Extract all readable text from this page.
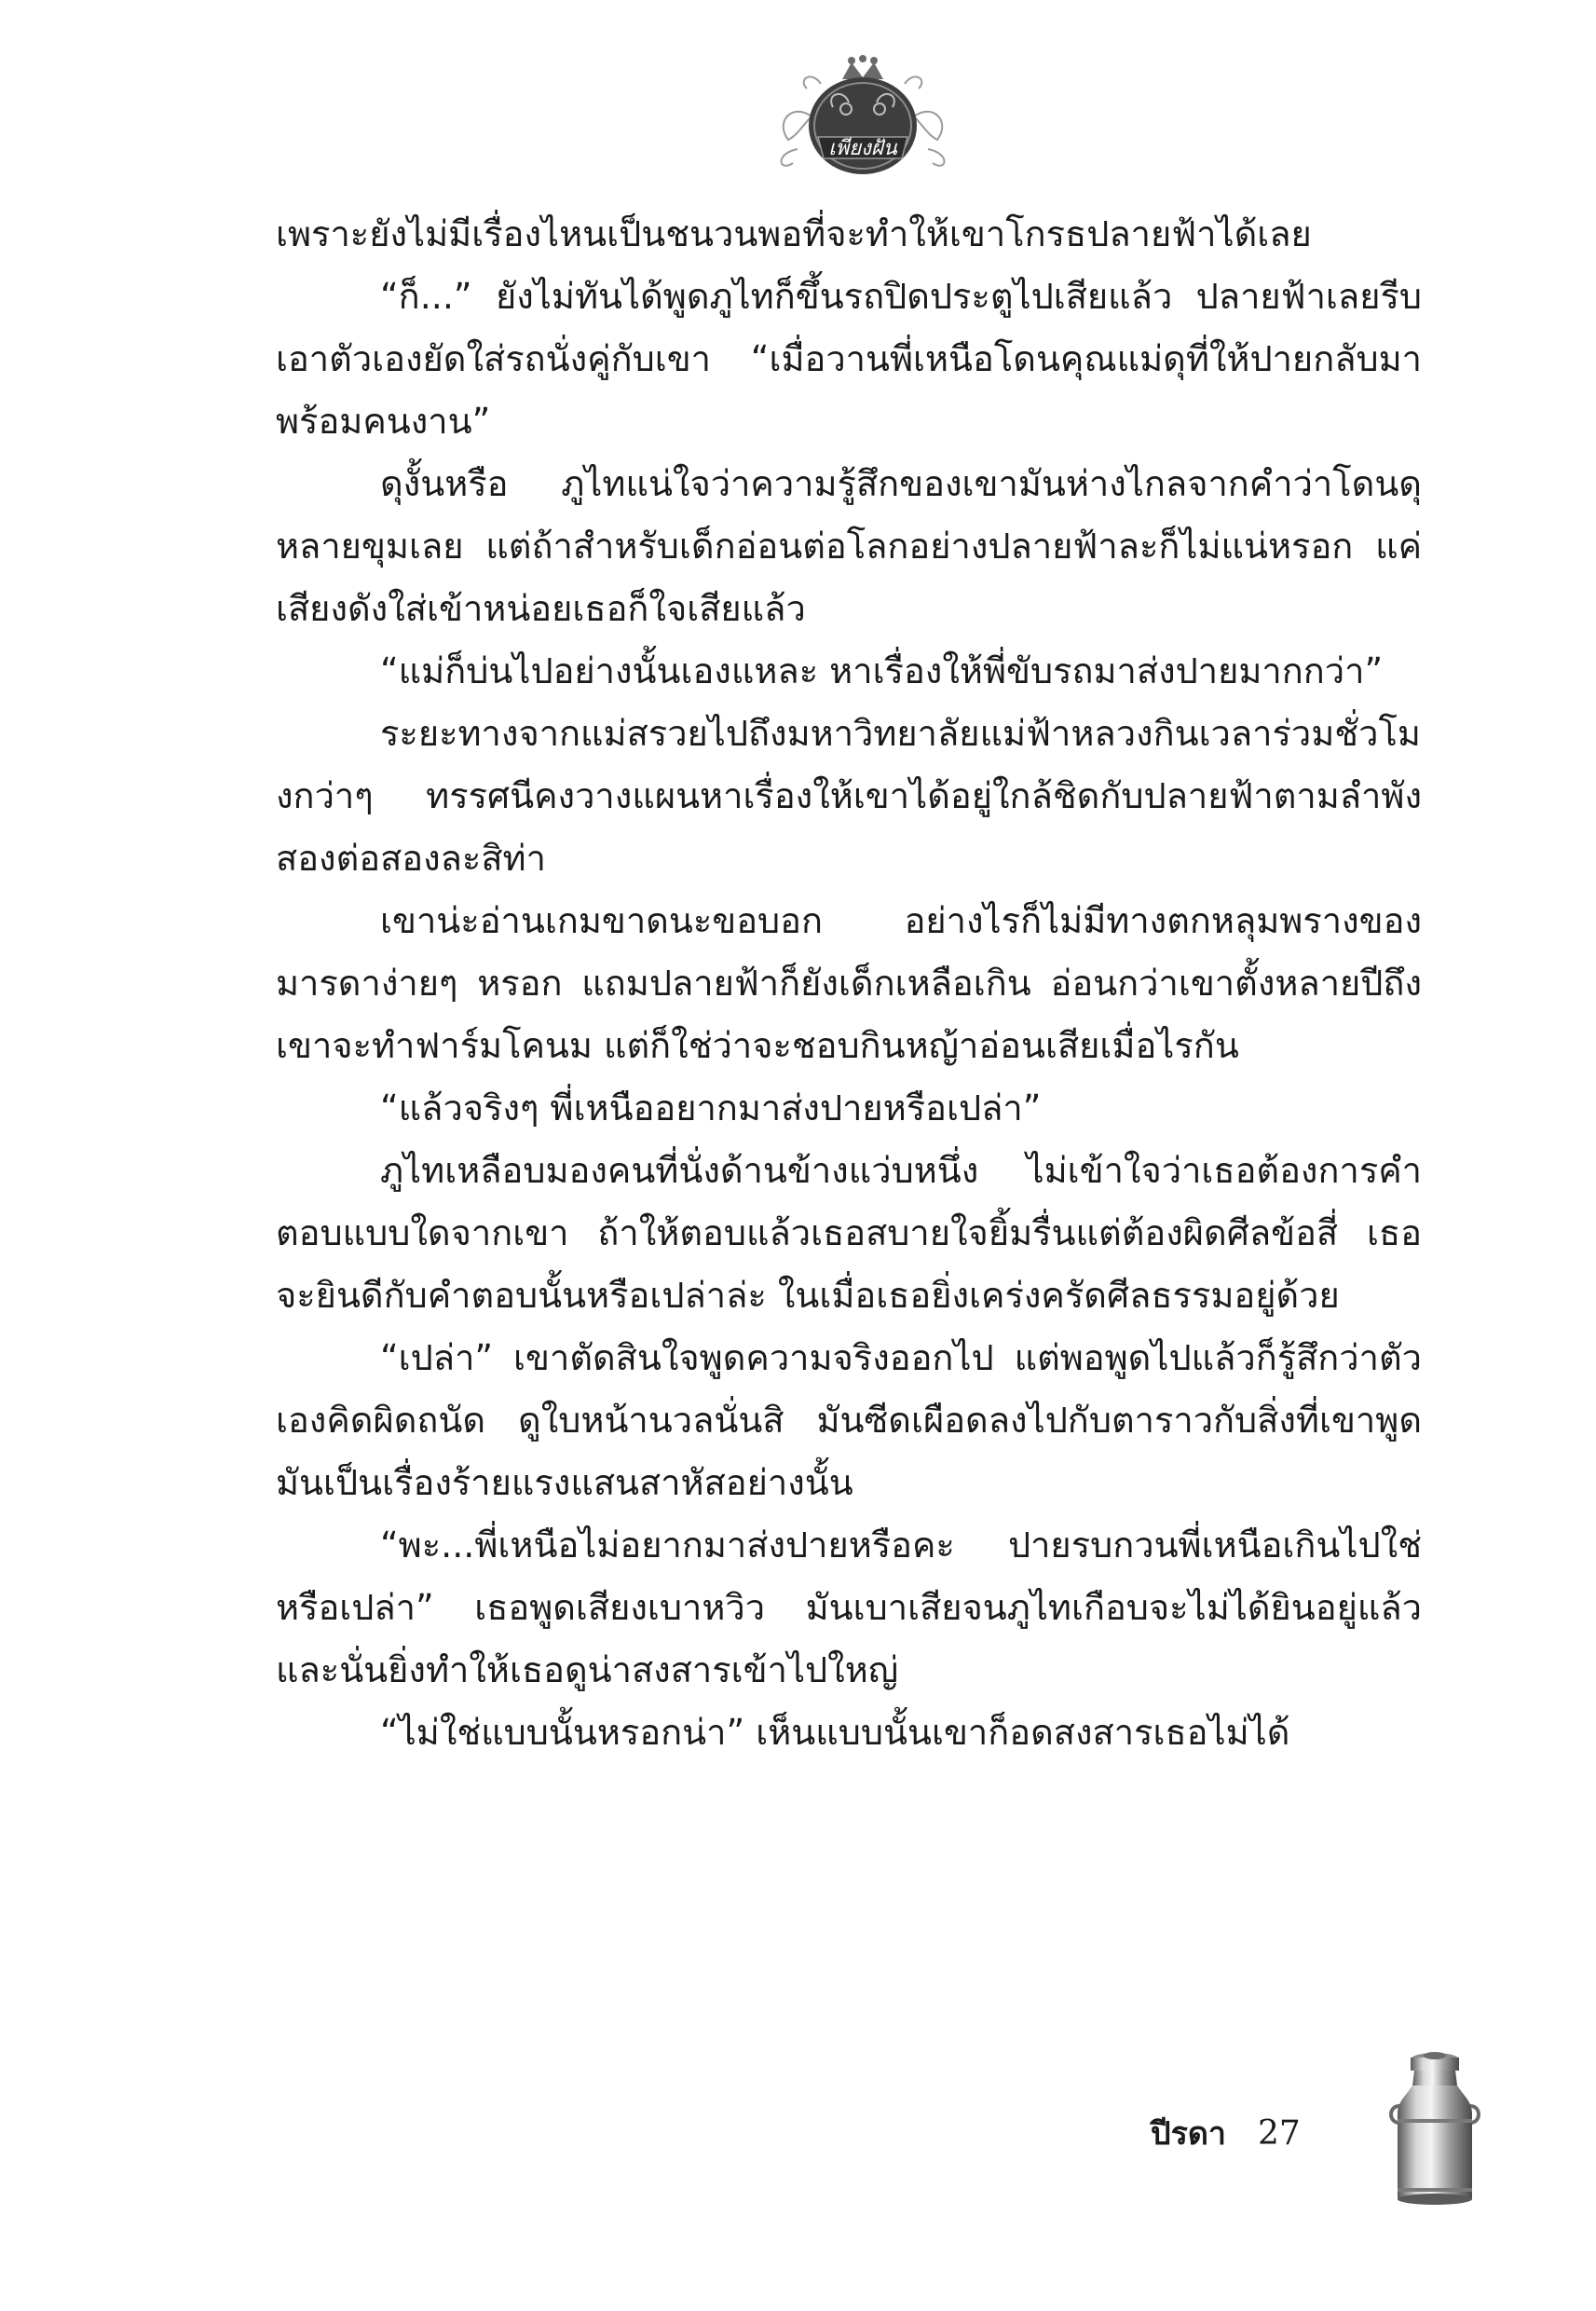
เพียงฝัน

เพราะยังไม่มีเรื่องไหนเป็นชนวนพอที่จะทำให้เขาโกรธปลายฟ้าได้เลย

“ก็...” ยังไม่ทันได้พูดภูไทก็ขึ้นรถปิดประตูไปเสียแล้ว ปลายฟ้าเลยรีบเอาตัวเองยัดใส่รถนั่งคู่กับเขา “เมื่อวานพี่เหนือโดนคุณแม่ดุที่ให้ปายกลับมาพร้อมคนงาน”

ดุงั้นหรือ ภูไทแน่ใจว่าความรู้สึกของเขามันห่างไกลจากคำว่าโดนดุหลายขุมเลย แต่ถ้าสำหรับเด็กอ่อนต่อโลกอย่างปลายฟ้าละก็ไม่แน่หรอก แค่เสียงดังใส่เข้าหน่อยเธอก็ใจเสียแล้ว

“แม่ก็บ่นไปอย่างนั้นเองแหละ หาเรื่องให้พี่ขับรถมาส่งปายมากกว่า”

ระยะทางจากแม่สรวยไปถึงมหาวิทยาลัยแม่ฟ้าหลวงกินเวลาร่วมชั่วโมงกว่าๆ ทรรศนีคงวางแผนหาเรื่องให้เขาได้อยู่ใกล้ชิดกับปลายฟ้าตามลำพังสองต่อสองละสิท่า

เขาน่ะอ่านเกมขาดนะขอบอก อย่างไรก็ไม่มีทางตกหลุมพรางของมารดาง่ายๆ หรอก แถมปลายฟ้าก็ยังเด็กเหลือเกิน อ่อนกว่าเขาตั้งหลายปีถึงเขาจะทำฟาร์มโคนม แต่ก็ใช่ว่าจะชอบกินหญ้าอ่อนเสียเมื่อไรกัน

“แล้วจริงๆ พี่เหนืออยากมาส่งปายหรือเปล่า”

ภูไทเหลือบมองคนที่นั่งด้านข้างแว่บหนึ่ง ไม่เข้าใจว่าเธอต้องการคำตอบแบบใดจากเขา ถ้าให้ตอบแล้วเธอสบายใจยิ้มรื่นแต่ต้องผิดศีลข้อสี่ เธอจะยินดีกับคำตอบนั้นหรือเปล่าล่ะ ในเมื่อเธอยิ่งเคร่งครัดศีลธรรมอยู่ด้วย

“เปล่า” เขาตัดสินใจพูดความจริงออกไป แต่พอพูดไปแล้วก็รู้สึกว่าตัวเองคิดผิดถนัด ดูใบหน้านวลนั่นสิ มันซีดเผือดลงไปกับตาราวกับสิ่งที่เขาพูดมันเป็นเรื่องร้ายแรงแสนสาหัสอย่างนั้น

“พะ...พี่เหนือไม่อยากมาส่งปายหรือคะ ปายรบกวนพี่เหนือเกินไปใช่หรือเปล่า” เธอพูดเสียงเบาหวิว มันเบาเสียจนภูไทเกือบจะไม่ได้ยินอยู่แล้ว และนั่นยิ่งทำให้เธอดูน่าสงสารเข้าไปใหญ่

“ไม่ใช่แบบนั้นหรอกน่า” เห็นแบบนั้นเขาก็อดสงสารเธอไม่ได้

ปีรดา 27
